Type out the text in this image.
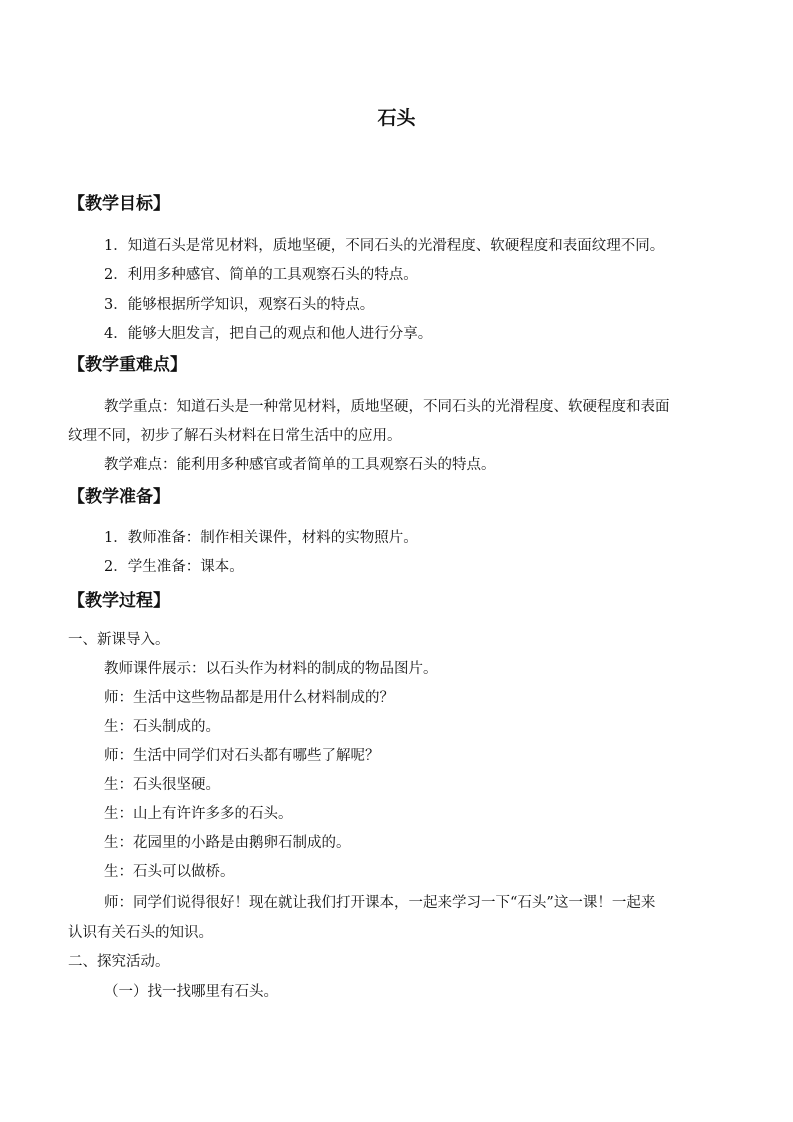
石头
【教学目标】
1．知道石头是常见材料，质地坚硬，不同石头的光滑程度、软硬程度和表面纹理不同。
2．利用多种感官、简单的工具观察石头的特点。
3．能够根据所学知识，观察石头的特点。
4．能够大胆发言，把自己的观点和他人进行分享。
【教学重难点】
教学重点：知道石头是一种常见材料，质地坚硬，不同石头的光滑程度、软硬程度和表面
纹理不同，初步了解石头材料在日常生活中的应用。
教学难点：能利用多种感官或者简单的工具观察石头的特点。
【教学准备】
1．教师准备：制作相关课件，材料的实物照片。
2．学生准备：课本。
【教学过程】
一、新课导入。
教师课件展示：以石头作为材料的制成的物品图片。
师：生活中这些物品都是用什么材料制成的？
生：石头制成的。
师：生活中同学们对石头都有哪些了解呢？
生：石头很坚硬。
生：山上有许许多多的石头。
生：花园里的小路是由鹅卵石制成的。
生：石头可以做桥。
师：同学们说得很好！现在就让我们打开课本，一起来学习一下“石头”这一课！一起来
认识有关石头的知识。
二、探究活动。
（一）找一找哪里有石头。
